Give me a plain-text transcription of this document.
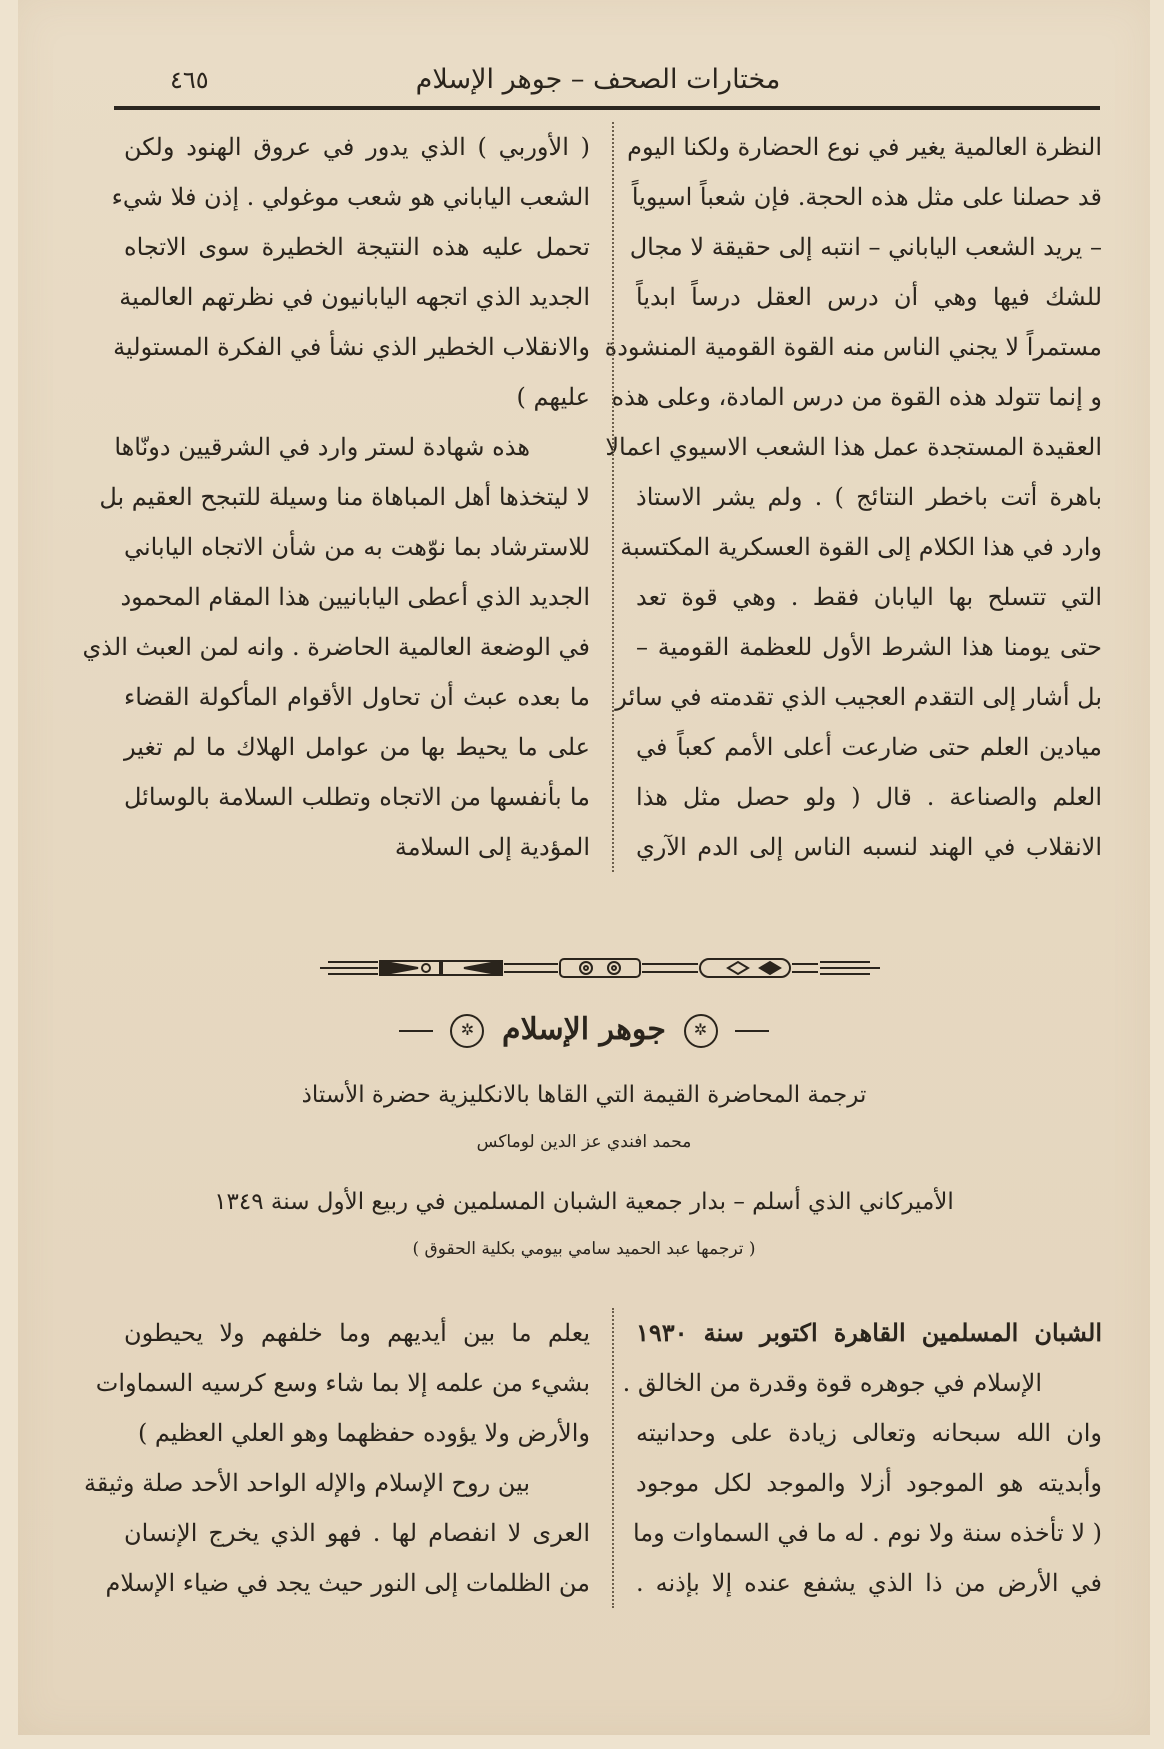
مختارات الصحف – جوهر الإسلام
٤٦٥
النظرة العالمية يغير في نوع الحضارة ولكنا اليوم
قد حصلنا على مثل هذه الحجة. فإن شعباً اسيوياً
– يريد الشعب الياباني – انتبه إلى حقيقة لا مجال
للشك فيها وهي أن درس العقل درساً ابدياً
مستمراً لا يجني الناس منه القوة القومية المنشودة
و إنما تتولد هذه القوة من درس المادة، وعلى هذه
العقيدة المستجدة عمل هذا الشعب الاسيوي اعمالا
باهرة أتت باخطر النتائج ) . ولم يشر الاستاذ
وارد في هذا الكلام إلى القوة العسكرية المكتسبة
التي تتسلح بها اليابان فقط . وهي قوة تعد
حتى يومنا هذا الشرط الأول للعظمة القومية –
بل أشار إلى التقدم العجيب الذي تقدمته في سائر
ميادين العلم حتى ضارعت أعلى الأمم كعباً في
العلم والصناعة . قال ( ولو حصل مثل هذا
الانقلاب في الهند لنسبه الناس إلى الدم الآري
( الأوربي ) الذي يدور في عروق الهنود ولكن
الشعب الياباني هو شعب موغولي . إذن فلا شيء
تحمل عليه هذه النتيجة الخطيرة سوى الاتجاه
الجديد الذي اتجهه اليابانيون في نظرتهم العالمية
والانقلاب الخطير الذي نشأ في الفكرة المستولية
عليهم )
هذه شهادة لستر وارد في الشرقيين دونّاها
لا ليتخذها أهل المباهاة منا وسيلة للتبجح العقيم بل
للاسترشاد بما نوّهت به من شأن الاتجاه الياباني
الجديد الذي أعطى اليابانيين هذا المقام المحمود
في الوضعة العالمية الحاضرة . وانه لمن العبث الذي
ما بعده عبث أن تحاول الأقوام المأكولة القضاء
على ما يحيط بها من عوامل الهلاك ما لم تغير
ما بأنفسها من الاتجاه وتطلب السلامة بالوسائل
المؤدية إلى السلامة
✲ جوهر الإسلام ✲
ترجمة المحاضرة القيمة التي القاها بالانكليزية حضرة الأستاذ
محمد افندي عز الدين لوماكس
الأميركاني الذي أسلم – بدار جمعية الشبان المسلمين في ربيع الأول سنة ١٣٤٩
( ترجمها عبد الحميد سامي بيومي بكلية الحقوق )
الشبان المسلمين القاهرة اكتوبر سنة ١٩٣٠
الإسلام في جوهره قوة وقدرة من الخالق .
وان الله سبحانه وتعالى زيادة على وحدانيته
وأبديته هو الموجود أزلا والموجد لكل موجود
( لا تأخذه سنة ولا نوم . له ما في السماوات وما
في الأرض من ذا الذي يشفع عنده إلا بإذنه .
يعلم ما بين أيديهم وما خلفهم ولا يحيطون
بشيء من علمه إلا بما شاء وسع كرسيه السماوات
والأرض ولا يؤوده حفظهما وهو العلي العظيم )
بين روح الإسلام والإله الواحد الأحد صلة وثيقة
العرى لا انفصام لها . فهو الذي يخرج الإنسان
من الظلمات إلى النور حيث يجد في ضياء الإسلام
